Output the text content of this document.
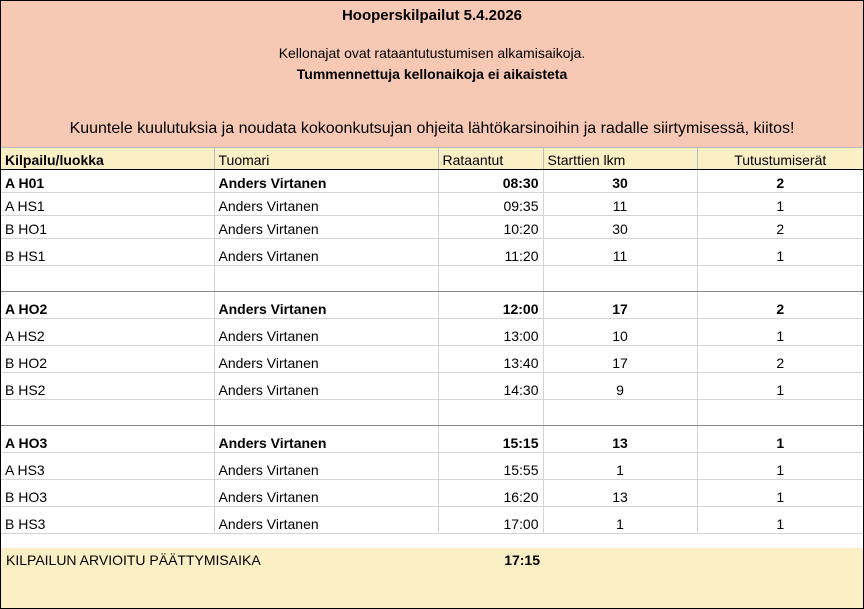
Hooperskilpailut 5.4.2026
Kellonajat ovat rataantutustumisen alkamisaikoja.
Tummennettuja kellonaikoja ei aikaisteta
Kuuntele kuulutuksia ja noudata kokoonkutsujan ohjeita lähtökarsinoihin ja radalle siirtymisessä, kiitos!
Kilpailu/luokka	Tuomari	Rataantut	Starttien lkm	Tutustumiserät
A H01	Anders Virtanen	08:30	30	2
A HS1	Anders Virtanen	09:35	11	1
B HO1	Anders Virtanen	10:20	30	2
B HS1	Anders Virtanen	11:20	11	1

A HO2	Anders Virtanen	12:00	17	2
A HS2	Anders Virtanen	13:00	10	1
B HO2	Anders Virtanen	13:40	17	2
B HS2	Anders Virtanen	14:30	9	1

A HO3	Anders Virtanen	15:15	13	1
A HS3	Anders Virtanen	15:55	1	1
B HO3	Anders Virtanen	16:20	13	1
B HS3	Anders Virtanen	17:00	1	1
KILPAILUN ARVIOITU PÄÄTTYMISAIKA	17:15
